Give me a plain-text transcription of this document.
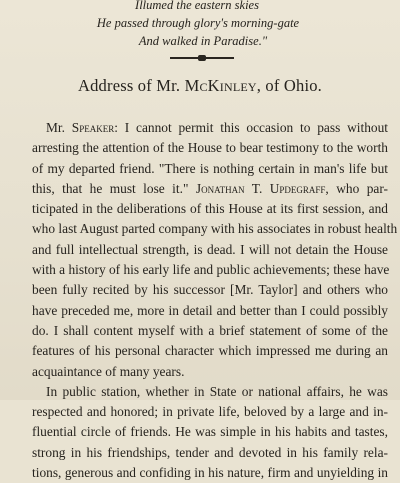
Illumed the eastern skies
He passed through glory's morning-gate
And walked in Paradise."
Address of Mr. McKinley, of Ohio.

Mr. Speaker: I cannot permit this occasion to pass without
arresting the attention of the House to bear testimony to the worth
of my departed friend. "There is nothing certain in man's life but
this, that he must lose it." Jonathan T. Updegraff, who par-
ticipated in the deliberations of this House at its first session, and
who last August parted company with his associates in robust health
and full intellectual strength, is dead. I will not detain the House
with a history of his early life and public achievements; these have
been fully recited by his successor [Mr. Taylor] and others who
have preceded me, more in detail and better than I could possibly
do. I shall content myself with a brief statement of some of the
features of his personal character which impressed me during an
acquaintance of many years.

In public station, whether in State or national affairs, he was
respected and honored; in private life, beloved by a large and in-
fluential circle of friends. He was simple in his habits and tastes,
strong in his friendships, tender and devoted in his family rela-
tions, generous and confiding in his nature, firm and unyielding in
